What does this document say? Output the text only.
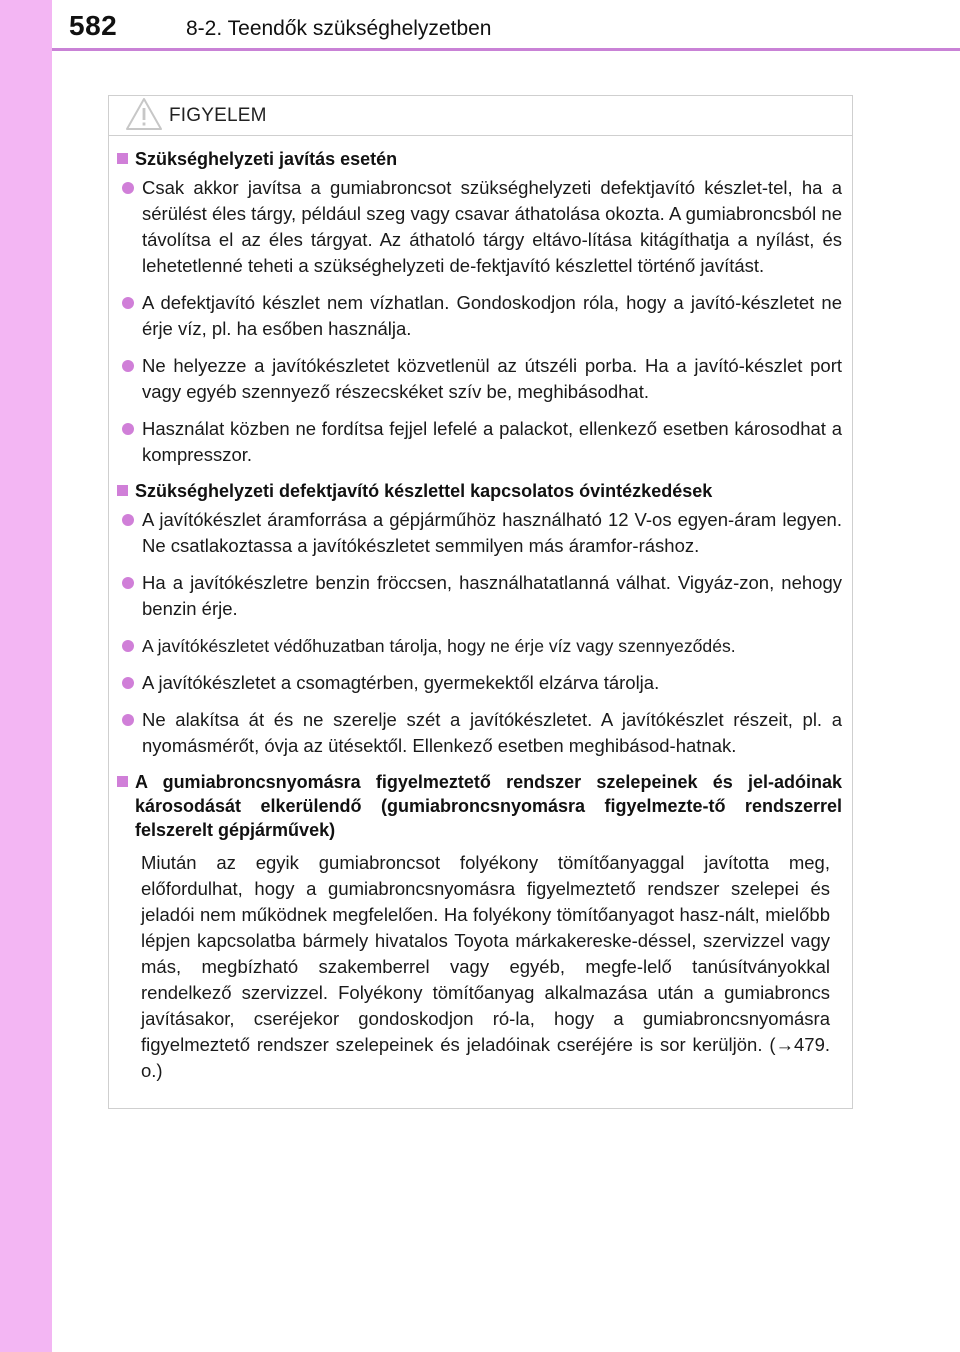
582	8-2. Teendők szükséghelyzetben
FIGYELEM
Szükséghelyzeti javítás esetén
Csak akkor javítsa a gumiabroncsot szükséghelyzeti defektjavító készlet-tel, ha a sérülést éles tárgy, például szeg vagy csavar áthatolása okozta. A gumiabroncsból ne távolítsa el az éles tárgyat. Az áthatoló tárgy eltávo-lítása kitágíthatja a nyílást, és lehetetlenné teheti a szükséghelyzeti de-fektjavító készlettel történő javítást.
A defektjavító készlet nem vízhatlan. Gondoskodjon róla, hogy a javító-készletet ne érje víz, pl. ha esőben használja.
Ne helyezze a javítókészletet közvetlenül az útszéli porba. Ha a javító-készlet port vagy egyéb szennyező részecskéket szív be, meghibásodhat.
Használat közben ne fordítsa fejjel lefelé a palackot, ellenkező esetben károsodhat a kompresszor.
Szükséghelyzeti defektjavító készlettel kapcsolatos óvintézkedések
A javítókészlet áramforrása a gépjárműhöz használható 12 V-os egyen-áram legyen. Ne csatlakoztassa a javítókészletet semmilyen más áramfor-ráshoz.
Ha a javítókészletre benzin fröccsen, használhatatlanná válhat. Vigyáz-zon, nehogy benzin érje.
A javítókészletet védőhuzatban tárolja, hogy ne érje víz vagy szennyeződés.
A javítókészletet a csomagtérben, gyermekektől elzárva tárolja.
Ne alakítsa át és ne szerelje szét a javítókészletet. A javítókészlet részeit, pl. a nyomásmérőt, óvja az ütésektől. Ellenkező esetben meghibásod-hatnak.
A gumiabroncsnyomásra figyelmeztető rendszer szelepeinek és jel-adóinak károsodását elkerülendő (gumiabroncsnyomásra figyelmezte-tő rendszerrel felszerelt gépjárművek)

Miután az egyik gumiabroncsot folyékony tömítőanyaggal javította meg, előfordulhat, hogy a gumiabroncsnyomásra figyelmeztető rendszer szelepei és jeladói nem működnek megfelelően. Ha folyékony tömítőanyagot hasz-nált, mielőbb lépjen kapcsolatba bármely hivatalos Toyota márkakereske-déssel, szervizzel vagy más, megbízható szakemberrel vagy egyéb, megfe-lelő tanúsítványokkal rendelkező szervizzel. Folyékony tömítőanyag alkalmazása után a gumiabroncs javításakor, cseréjekor gondoskodjon ró-la, hogy a gumiabroncsnyomásra figyelmeztető rendszer szelepeinek és jeladóinak cseréjére is sor kerüljön. (→479. o.)
